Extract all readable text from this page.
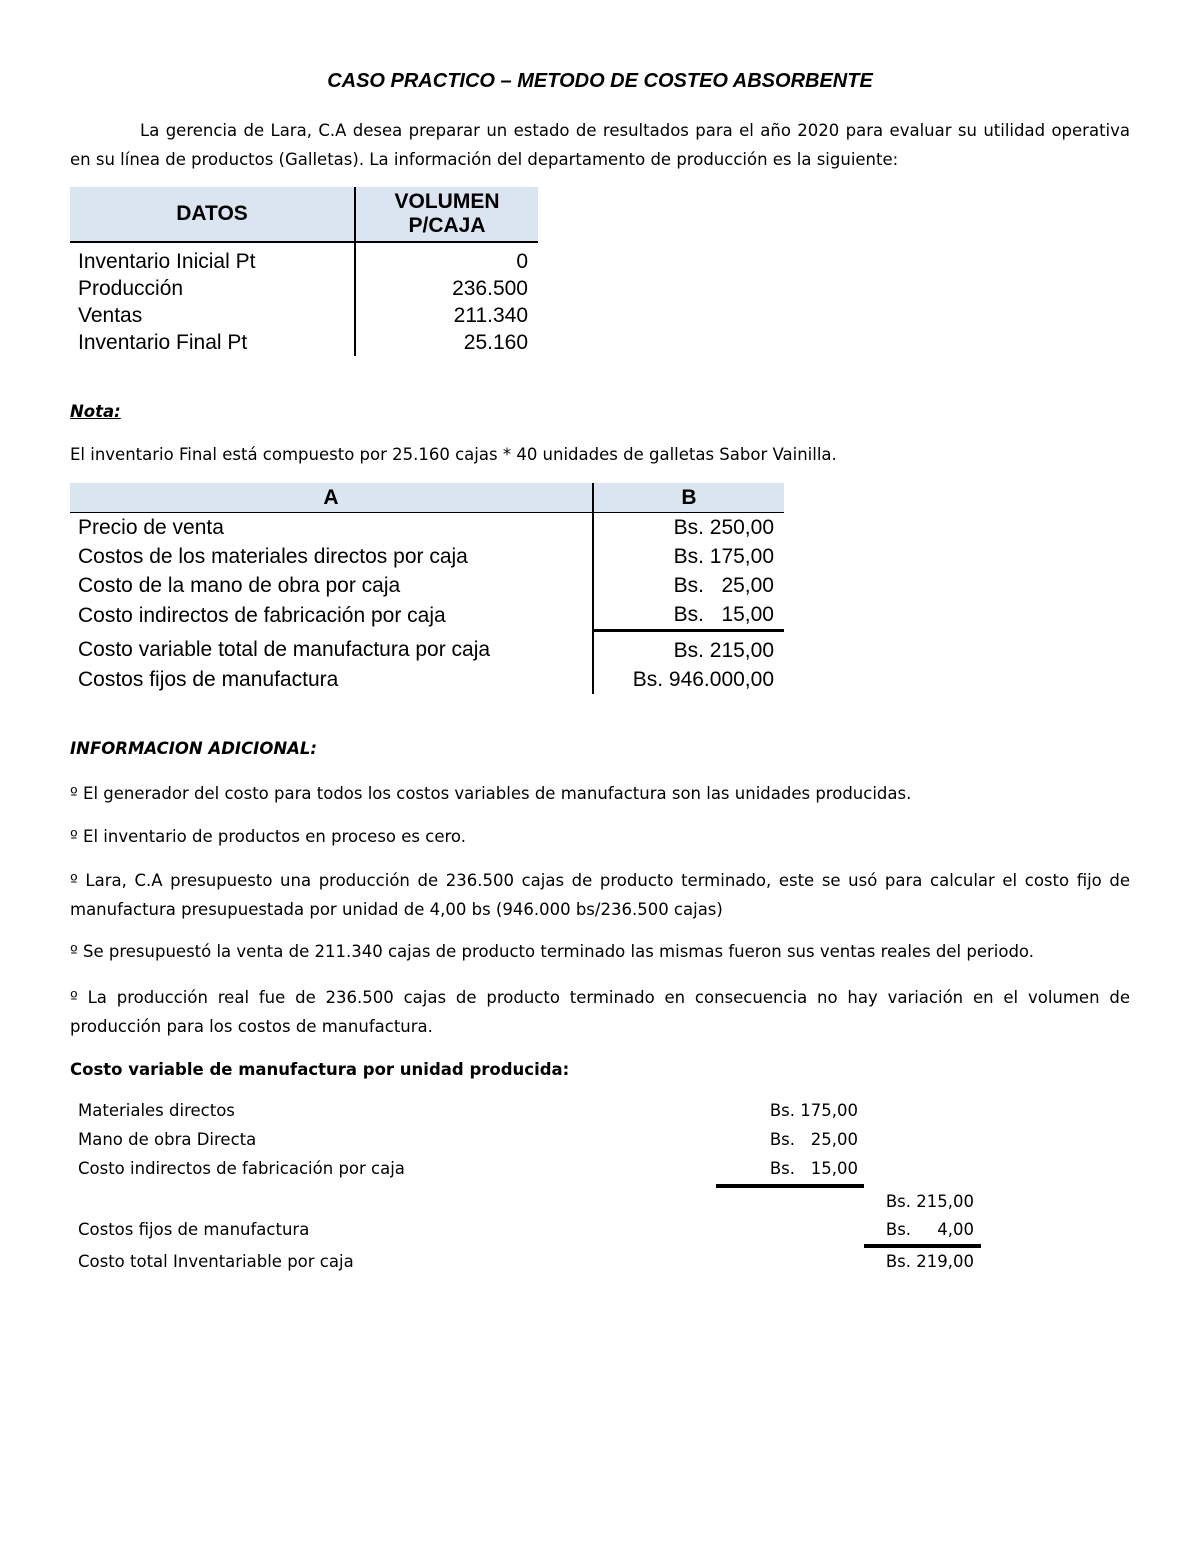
CASO PRACTICO – METODO DE COSTEO ABSORBENTE
La gerencia de Lara, C.A desea preparar un estado de resultados para el año 2020 para evaluar su utilidad operativa en su línea de productos (Galletas). La información del departamento de producción es la siguiente:
DATOS	VOLUMEN P/CAJA

Inventario Inicial Pt	0
Producción	236.500
Ventas	211.340
Inventario Final Pt	25.160
Nota:
El inventario Final está compuesto por 25.160 cajas * 40 unidades de galletas Sabor Vainilla.
A	B
Precio de venta	Bs. 250,00
Costos de los materiales directos por caja	Bs. 175,00
Costo de la mano de obra por caja	Bs.   25,00
Costo indirectos de fabricación por caja	Bs.   15,00
Costo variable total de manufactura por caja	Bs. 215,00
Costos fijos de manufactura	Bs. 946.000,00
INFORMACION ADICIONAL:
º El generador del costo para todos los costos variables de manufactura son las unidades producidas.
º El inventario de productos en proceso es cero.
º Lara, C.A presupuesto una producción de 236.500 cajas de producto terminado, este se usó para calcular el costo fijo de manufactura presupuestada por unidad de 4,00 bs (946.000 bs/236.500 cajas)
º Se presupuestó la venta de 211.340 cajas de producto terminado las mismas fueron sus ventas reales del periodo.
º La producción real fue de 236.500 cajas de producto terminado en consecuencia no hay variación en el volumen de producción para los costos de manufactura.
Costo variable de manufactura por unidad producida:
Materiales directos	Bs. 175,00
Mano de obra Directa	Bs.   25,00
Costo indirectos de fabricación por caja	Bs.   15,00
Bs. 215,00
Costos fijos de manufactura	Bs.     4,00
Costo total Inventariable por caja	Bs. 219,00
